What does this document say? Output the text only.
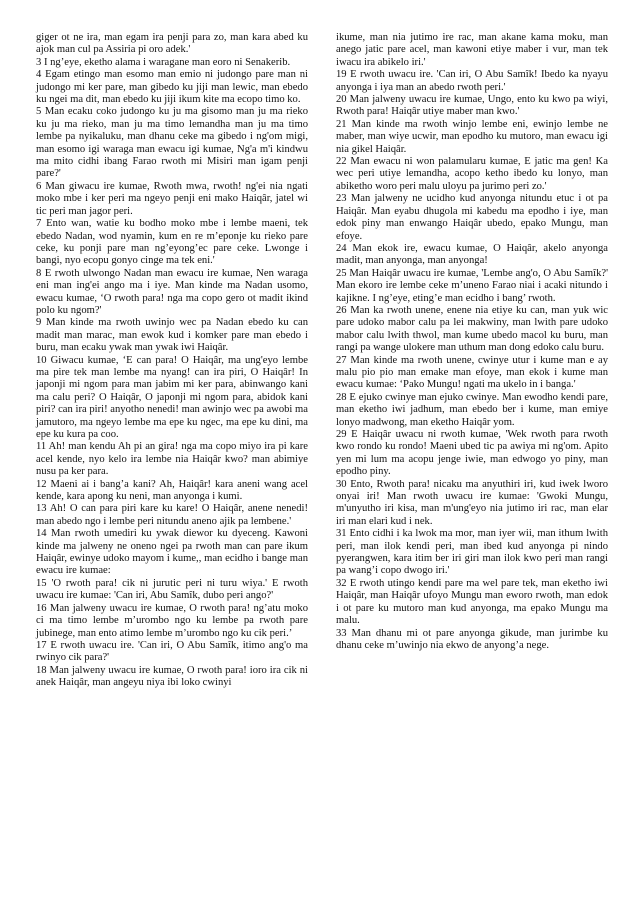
giger ot ne ira, man egam ira penji para zo, man kara abed ku ajok man cul pa Assiria pi oro adek.'

3 I ng’eye, eketho alama i waragane man eoro ni Senakerib.

4 Egam etingo man esomo man emio ni judongo pare man ni judongo mi ker pare, man gibedo ku jiji man lewic, man ebedo ku ngei ma dit, man ebedo ku jiji ikum kite ma ecopo timo ko.

5 Man ecaku coko judongo ku ju ma gisomo man ju ma rieko ku ju ma rieko, man ju ma timo lemandha man ju ma timo lembe pa nyikaluku, man dhanu ceke ma gibedo i ng'om migi, man esomo igi waraga man ewacu igi kumae, Ng'a m'i kindwu ma mito cidhi ibang Farao rwoth mi Misiri man igam penji pare?'

6 Man giwacu ire kumae, Rwoth mwa, rwoth! ng'ei nia ngati moko mbe i ker peri ma ngeyo penji eni mako Haiqâr, jatel wi tic peri man jagor peri.

7 Ento wan, watie ku bodho moko mbe i lembe maeni, tek ebedo Nadan, wod nyamin, kum en re m’eponje ku rieko pare ceke, ku ponji pare man ng’eyong’ec pare ceke. Lwonge i bangi, nyo ecopu gonyo cinge ma tek eni.'

8 E rwoth ulwongo Nadan man ewacu ire kumae, Nen waraga eni man ing'ei ango ma i iye. Man kinde ma Nadan usomo, ewacu kumae, ‘O rwoth para! nga ma copo gero ot madit ikind polo ku ngom?'

9 Man kinde ma rwoth uwinjo wec pa Nadan ebedo ku can madit man marac, man ewok kud i komker pare man ebedo i buru, man ecaku ywak man ywak iwi Haiqâr.

10 Giwacu kumae, ‘E can para! O Haiqâr, ma ung'eyo lembe ma pire tek man lembe ma nyang! can ira piri, O Haiqâr! In japonji mi ngom para man jabim mi ker para, abinwango kani ma calu peri? O Haiqâr, O japonji mi ngom para, abidok kani piri? can ira piri! anyotho nenedi! man awinjo wec pa awobi ma jamutoro, ma ngeyo lembe ma epe ku ngec, ma epe ku dini, ma epe ku kura pa coo.

11 Ah! man kendu Ah pi an gira! nga ma copo miyo ira pi kare acel kende, nyo kelo ira lembe nia Haiqâr kwo? man abimiye nusu pa ker para.

12 Maeni ai i bang’a kani? Ah, Haiqâr! kara aneni wang acel kende, kara apong ku neni, man anyonga i kumi.

13 Ah! O can para piri kare ku kare! O Haiqâr, anene nenedi! man abedo ngo i lembe peri nitundu aneno ajik pa lembene.'

14 Man rwoth umediri ku ywak diewor ku dyeceng. Kawoni kinde ma jalweny ne oneno ngei pa rwoth man can pare ikum Haiqâr, ewinye udoko mayom i kume,, man ecidho i bange man ewacu ire kumae:

15 'O rwoth para! cik ni jurutic peri ni turu wiya.' E rwoth uwacu ire kumae: 'Can iri, Abu Samîk, dubo peri ango?'

16 Man jalweny uwacu ire kumae, O rwoth para! ng’atu moko ci ma timo lembe m’urombo ngo ku lembe pa rwoth pare jubinege, man ento atimo lembe m’urombo ngo ku cik peri.’

17 E rwoth uwacu ire. 'Can iri, O Abu Samîk, itimo ang'o ma rwinyo cik para?'

18 Man jalweny uwacu ire kumae, O rwoth para! ioro ira cik ni anek Haiqâr, man angeyu niya ibi loko cwinyi

ikume, man nia jutimo ire rac, man akane kama moku, man anego jatic pare acel, man kawoni etiye maber i vur, man tek iwacu ira abikelo iri.'

19 E rwoth uwacu ire. 'Can iri, O Abu Samîk! Ibedo ka nyayu anyonga i iya man an abedo rwoth peri.'

20 Man jalweny uwacu ire kumae, Ungo, ento ku kwo pa wiyi, Rwoth para! Haiqâr utiye maber man kwo.'

21 Man kinde ma rwoth winjo lembe eni, ewinjo lembe ne maber, man wiye ucwir, man epodho ku mutoro, man ewacu igi nia gikel Haiqâr.

22 Man ewacu ni won palamularu kumae, E jatic ma gen! Ka wec peri utiye lemandha, acopo ketho ibedo ku lonyo, man abiketho woro peri malu uloyu pa jurimo peri zo.'

23 Man jalweny ne ucidho kud anyonga nitundu etuc i ot pa Haiqâr. Man eyabu dhugola mi kabedu ma epodho i iye, man edok piny man enwango Haiqâr ubedo, epako Mungu, man efoye.

24 Man ekok ire, ewacu kumae, O Haiqâr, akelo anyonga madit, man anyonga, man anyonga!

25 Man Haiqâr uwacu ire kumae, 'Lembe ang'o, O Abu Samîk?' Man ekoro ire lembe ceke m’uneno Farao niai i acaki nitundo i kajikne. I ng’eye, eting’e man ecidho i bang’ rwoth.

26 Man ka rwoth unene, enene nia etiye ku can, man yuk wic pare udoko mabor calu pa lei makwiny, man lwith pare udoko mabor calu lwith thwol, man kume ubedo macol ku buru, man rangi pa wange ulokere man uthum man dong edoko calu buru.

27 Man kinde ma rwoth unene, cwinye utur i kume man e ay malu pio pio man emake man efoye, man ekok i kume man ewacu kumae: ‘Pako Mungu! ngati ma ukelo in i banga.'

28 E ejuko cwinye man ejuko cwinye. Man ewodho kendi pare, man eketho iwi jadhum, man ebedo ber i kume, man emiye lonyo madwong, man eketho Haiqâr yom.

29 E Haiqâr uwacu ni rwoth kumae, 'Wek rwoth para rwoth kwo rondo ku rondo! Maeni ubed tic pa awiya mi ng'om. Apito yen mi lum ma acopu jenge iwie, man edwogo yo piny, man epodho piny.

30 Ento, Rwoth para! nicaku ma anyuthiri iri, kud iwek lworo onyai iri! Man rwoth uwacu ire kumae: 'Gwoki Mungu, m'unyutho iri kisa, man m'ung'eyo nia jutimo iri rac, man elar iri man elari kud i nek.

31 Ento cidhi i ka lwok ma mor, man iyer wii, man ithum lwith peri, man ilok kendi peri, man ibed kud anyonga pi nindo pyerangwen, kara itim ber iri giri man ilok kwo peri man rangi pa wang’i copo dwogo iri.'

32 E rwoth utingo kendi pare ma wel pare tek, man eketho iwi Haiqâr, man Haiqâr ufoyo Mungu man eworo rwoth, man edok i ot pare ku mutoro man kud anyonga, ma epako Mungu ma malu.

33 Man dhanu mi ot pare anyonga gikude, man jurimbe ku dhanu ceke m’uwinjo nia ekwo de anyong’a nege.
